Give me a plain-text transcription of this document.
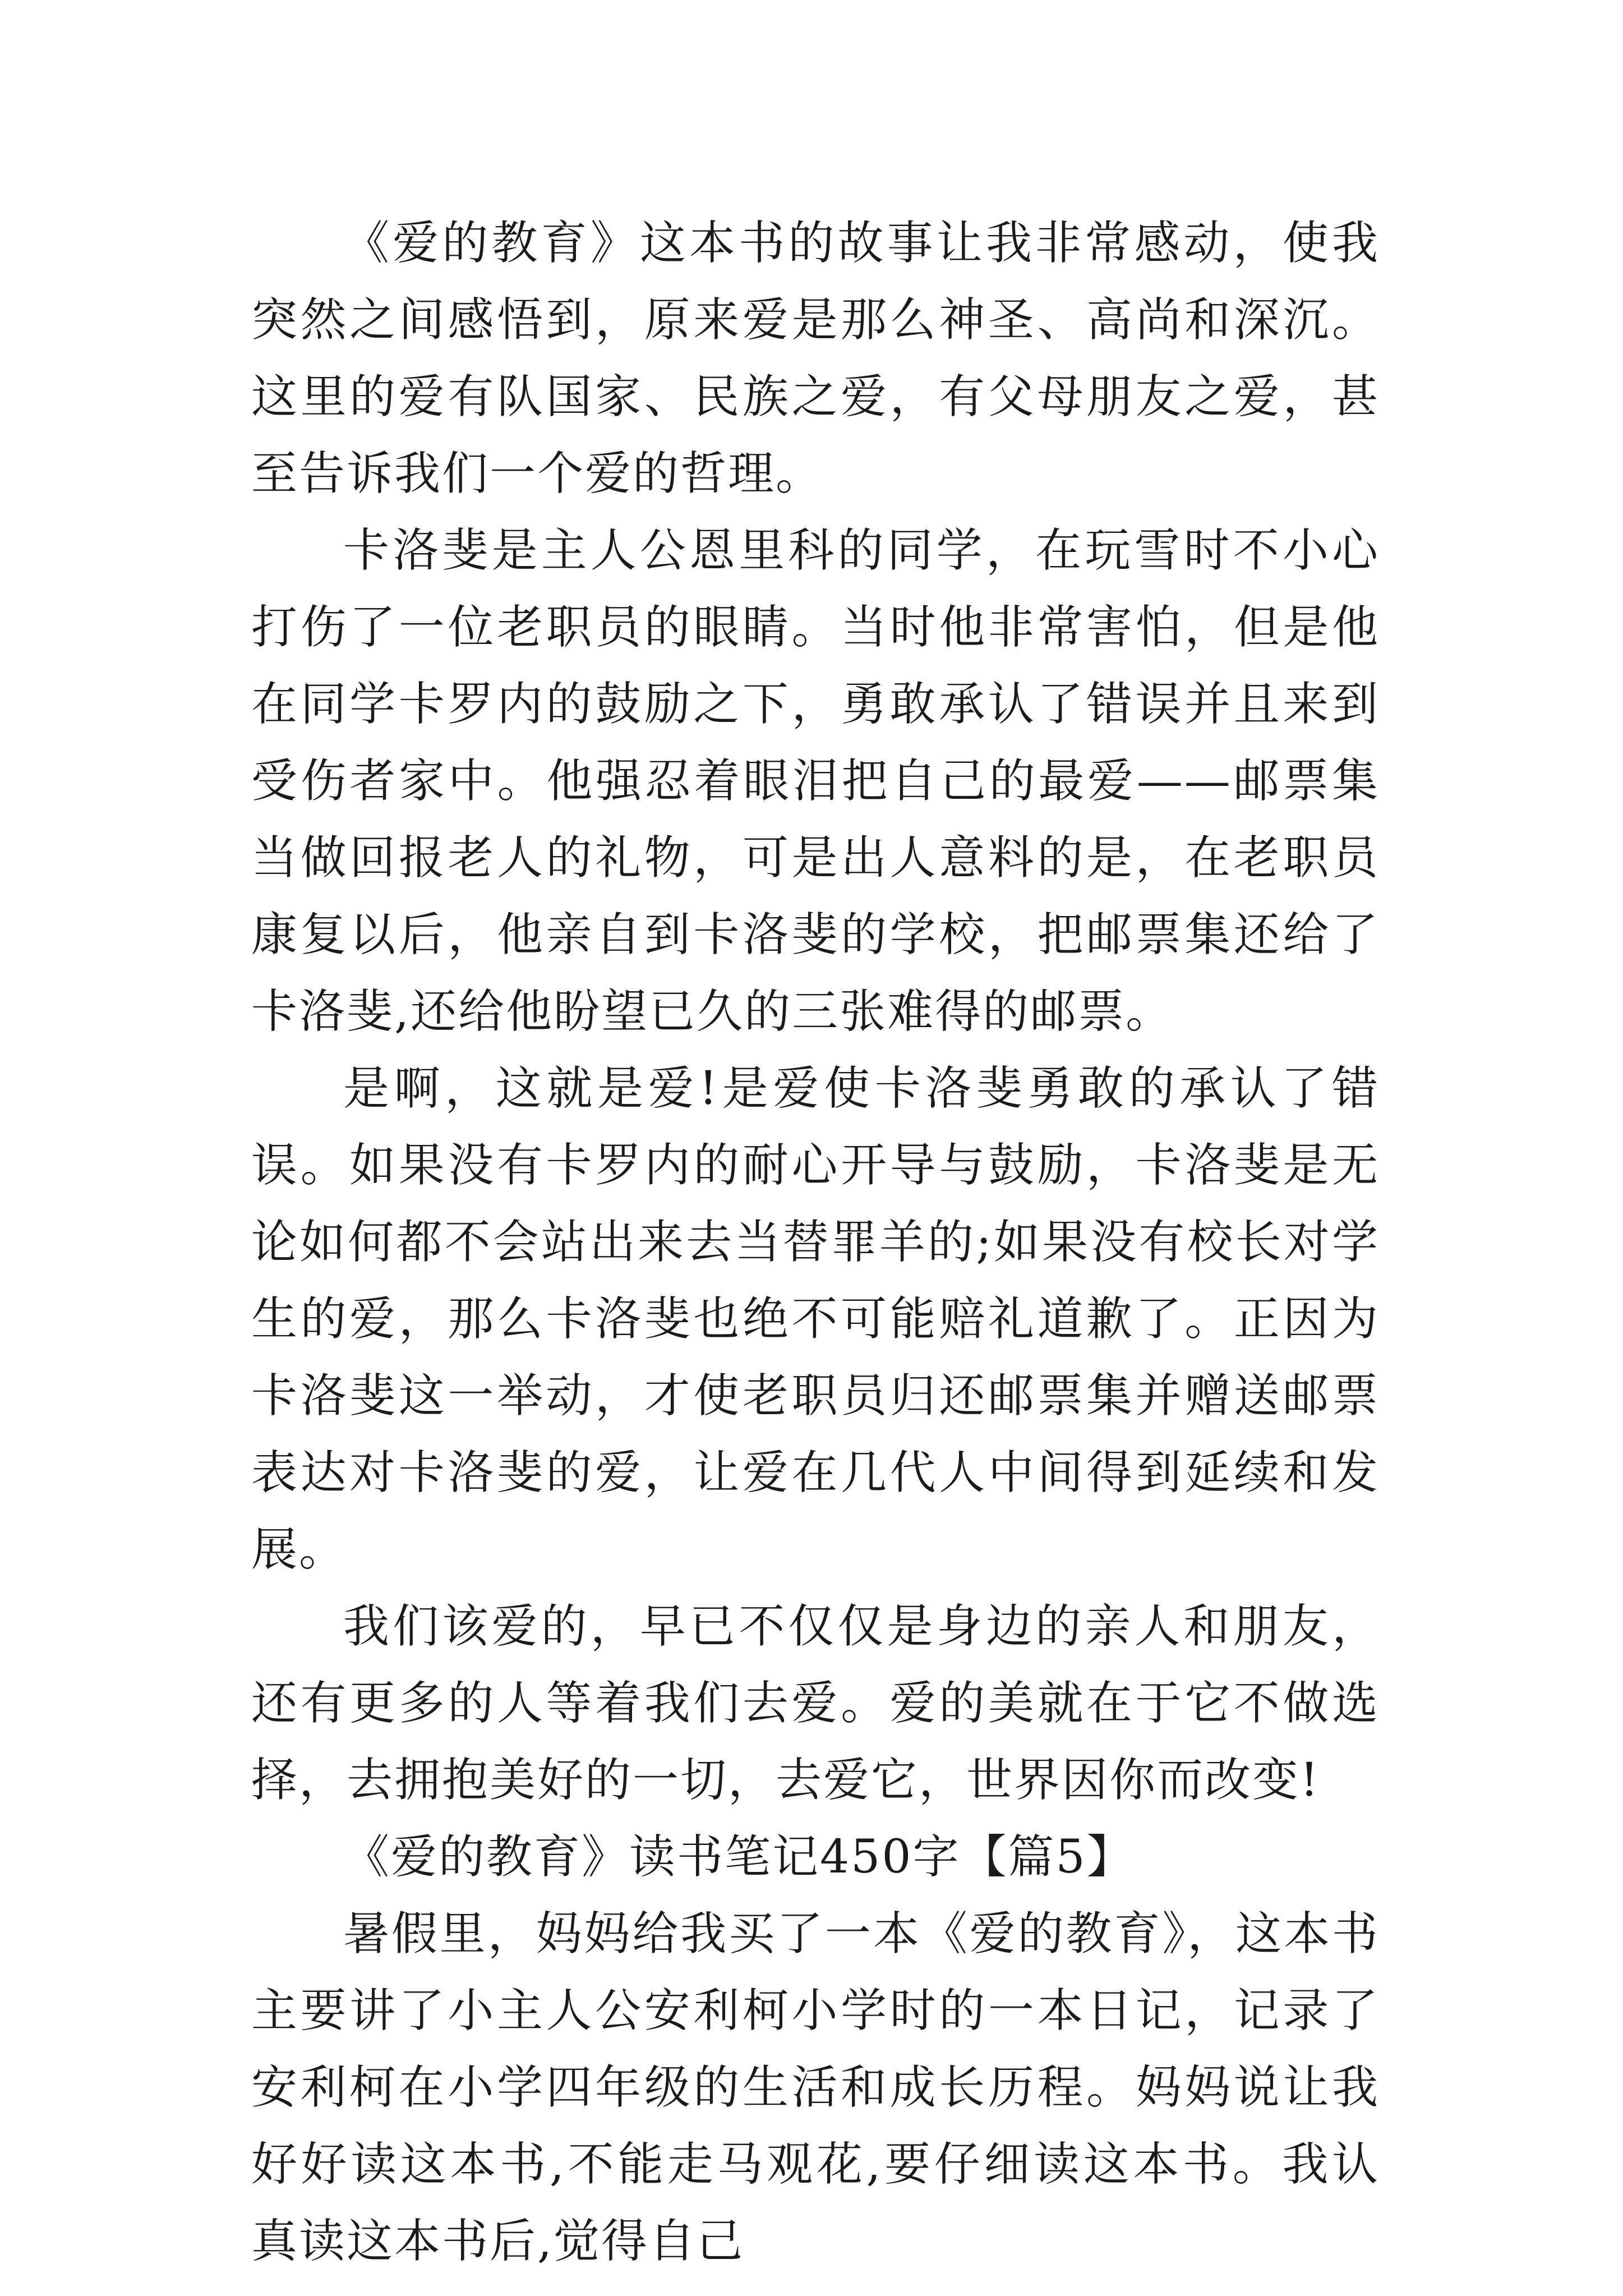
《爱的教育》这本书的故事让我非常感动，使我突然之间感悟到，原来爱是那么神圣、高尚和深沉。这里的爱有队国家、民族之爱，有父母朋友之爱，甚至告诉我们一个爱的哲理。

卡洛斐是主人公恩里科的同学，在玩雪时不小心打伤了一位老职员的眼睛。当时他非常害怕，但是他在同学卡罗内的鼓励之下，勇敢承认了错误并且来到受伤者家中。他强忍着眼泪把自己的最爱——邮票集当做回报老人的礼物，可是出人意料的是，在老职员康复以后，他亲自到卡洛斐的学校，把邮票集还给了卡洛斐,还给他盼望已久的三张难得的邮票。

是啊，这就是爱!是爱使卡洛斐勇敢的承认了错误。如果没有卡罗内的耐心开导与鼓励，卡洛斐是无论如何都不会站出来去当替罪羊的;如果没有校长对学生的爱，那么卡洛斐也绝不可能赔礼道歉了。正因为卡洛斐这一举动，才使老职员归还邮票集并赠送邮票表达对卡洛斐的爱，让爱在几代人中间得到延续和发展。

我们该爱的，早已不仅仅是身边的亲人和朋友，还有更多的人等着我们去爱。爱的美就在于它不做选择，去拥抱美好的一切，去爱它，世界因你而改变!

《爱的教育》读书笔记450字【篇5】

暑假里，妈妈给我买了一本《爱的教育》，这本书主要讲了小主人公安利柯小学时的一本日记，记录了安利柯在小学四年级的生活和成长历程。妈妈说让我好好读这本书,不能走马观花,要仔细读这本书。我认真读这本书后,觉得自己
